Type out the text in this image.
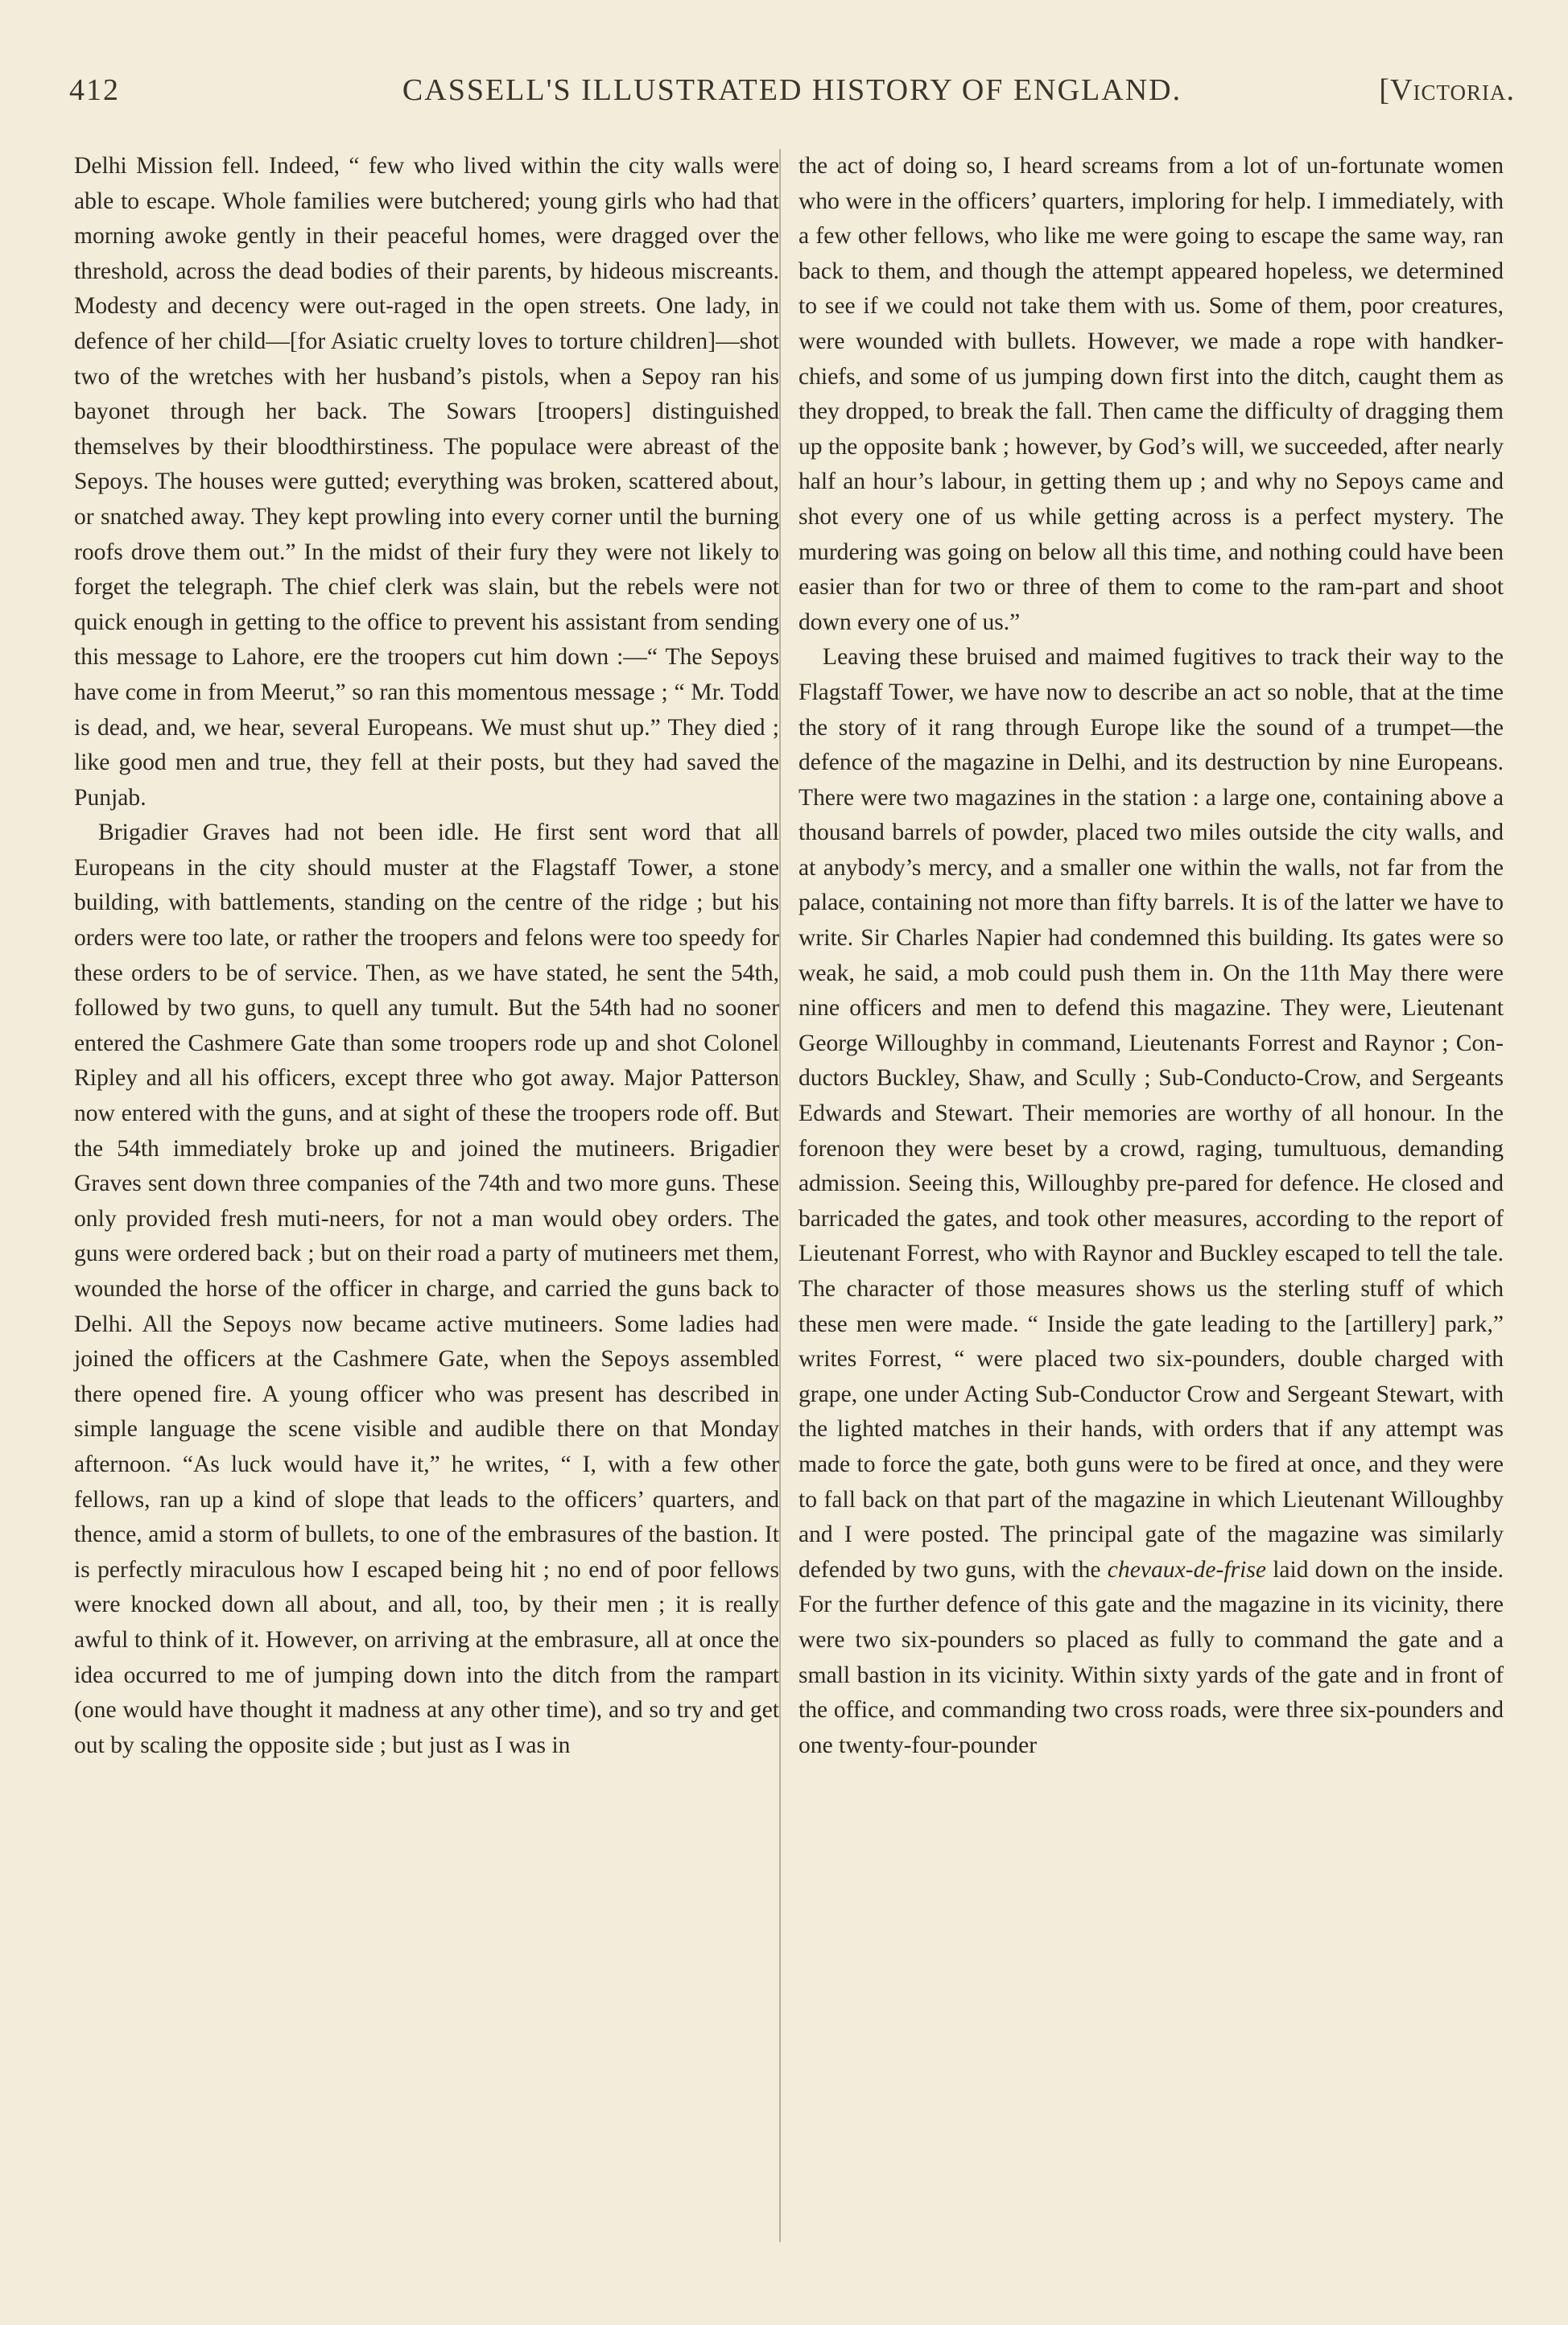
412	CASSELL'S ILLUSTRATED HISTORY OF ENGLAND.	[Victoria.

Delhi Mission fell. Indeed, “ few who lived within the city walls were able to escape. Whole families were butchered; young girls who had that morning awoke gently in their peaceful homes, were dragged over the threshold, across the dead bodies of their parents, by hideous miscreants. Modesty and decency were out-raged in the open streets. One lady, in defence of her child—[for Asiatic cruelty loves to torture children]—shot two of the wretches with her husband’s pistols, when a Sepoy ran his bayonet through her back. The Sowars [troopers] distinguished themselves by their bloodthirstiness. The populace were abreast of the Sepoys. The houses were gutted; everything was broken, scattered about, or snatched away. They kept prowling into every corner until the burning roofs drove them out.” In the midst of their fury they were not likely to forget the telegraph. The chief clerk was slain, but the rebels were not quick enough in getting to the office to prevent his assistant from sending this message to Lahore, ere the troopers cut him down :—“ The Sepoys have come in from Meerut,” so ran this momentous message ; “ Mr. Todd is dead, and, we hear, several Europeans. We must shut up.” They died ; like good men and true, they fell at their posts, but they had saved the Punjab.

Brigadier Graves had not been idle. He first sent word that all Europeans in the city should muster at the Flagstaff Tower, a stone building, with battlements, standing on the centre of the ridge ; but his orders were too late, or rather the troopers and felons were too speedy for these orders to be of service. Then, as we have stated, he sent the 54th, followed by two guns, to quell any tumult. But the 54th had no sooner entered the Cashmere Gate than some troopers rode up and shot Colonel Ripley and all his officers, except three who got away. Major Patterson now entered with the guns, and at sight of these the troopers rode off. But the 54th immediately broke up and joined the mutineers. Brigadier Graves sent down three companies of the 74th and two more guns. These only provided fresh muti-neers, for not a man would obey orders. The guns were ordered back ; but on their road a party of mutineers met them, wounded the horse of the officer in charge, and carried the guns back to Delhi. All the Sepoys now became active mutineers. Some ladies had joined the officers at the Cashmere Gate, when the Sepoys assembled there opened fire. A young officer who was present has described in simple language the scene visible and audible there on that Monday afternoon. “As luck would have it,” he writes, “ I, with a few other fellows, ran up a kind of slope that leads to the officers’ quarters, and thence, amid a storm of bullets, to one of the embrasures of the bastion. It is perfectly miraculous how I escaped being hit ; no end of poor fellows were knocked down all about, and all, too, by their men ; it is really awful to think of it. However, on arriving at the embrasure, all at once the idea occurred to me of jumping down into the ditch from the rampart (one would have thought it madness at any other time), and so try and get out by scaling the opposite side ; but just as I was in

the act of doing so, I heard screams from a lot of un-fortunate women who were in the officers’ quarters, imploring for help. I immediately, with a few other fellows, who like me were going to escape the same way, ran back to them, and though the attempt appeared hopeless, we determined to see if we could not take them with us. Some of them, poor creatures, were wounded with bullets. However, we made a rope with handker-chiefs, and some of us jumping down first into the ditch, caught them as they dropped, to break the fall. Then came the difficulty of dragging them up the opposite bank ; however, by God’s will, we succeeded, after nearly half an hour’s labour, in getting them up ; and why no Sepoys came and shot every one of us while getting across is a perfect mystery. The murdering was going on below all this time, and nothing could have been easier than for two or three of them to come to the ram-part and shoot down every one of us.”

Leaving these bruised and maimed fugitives to track their way to the Flagstaff Tower, we have now to describe an act so noble, that at the time the story of it rang through Europe like the sound of a trumpet—the defence of the magazine in Delhi, and its destruction by nine Europeans. There were two magazines in the station : a large one, containing above a thousand barrels of powder, placed two miles outside the city walls, and at anybody’s mercy, and a smaller one within the walls, not far from the palace, containing not more than fifty barrels. It is of the latter we have to write. Sir Charles Napier had condemned this building. Its gates were so weak, he said, a mob could push them in. On the 11th May there were nine officers and men to defend this magazine. They were, Lieutenant George Willoughby in command, Lieutenants Forrest and Raynor ; Con-ductors Buckley, Shaw, and Scully ; Sub-Conducto-Crow, and Sergeants Edwards and Stewart. Their memories are worthy of all honour. In the forenoon they were beset by a crowd, raging, tumultuous, demanding admission. Seeing this, Willoughby pre-pared for defence. He closed and barricaded the gates, and took other measures, according to the report of Lieutenant Forrest, who with Raynor and Buckley escaped to tell the tale. The character of those measures shows us the sterling stuff of which these men were made. “ Inside the gate leading to the [artillery] park,” writes Forrest, “ were placed two six-pounders, double charged with grape, one under Acting Sub-Conductor Crow and Sergeant Stewart, with the lighted matches in their hands, with orders that if any attempt was made to force the gate, both guns were to be fired at once, and they were to fall back on that part of the magazine in which Lieutenant Willoughby and I were posted. The principal gate of the magazine was similarly defended by two guns, with the chevaux-de-frise laid down on the inside. For the further defence of this gate and the magazine in its vicinity, there were two six-pounders so placed as fully to command the gate and a small bastion in its vicinity. Within sixty yards of the gate and in front of the office, and commanding two cross roads, were three six-pounders and one twenty-four-pounder
